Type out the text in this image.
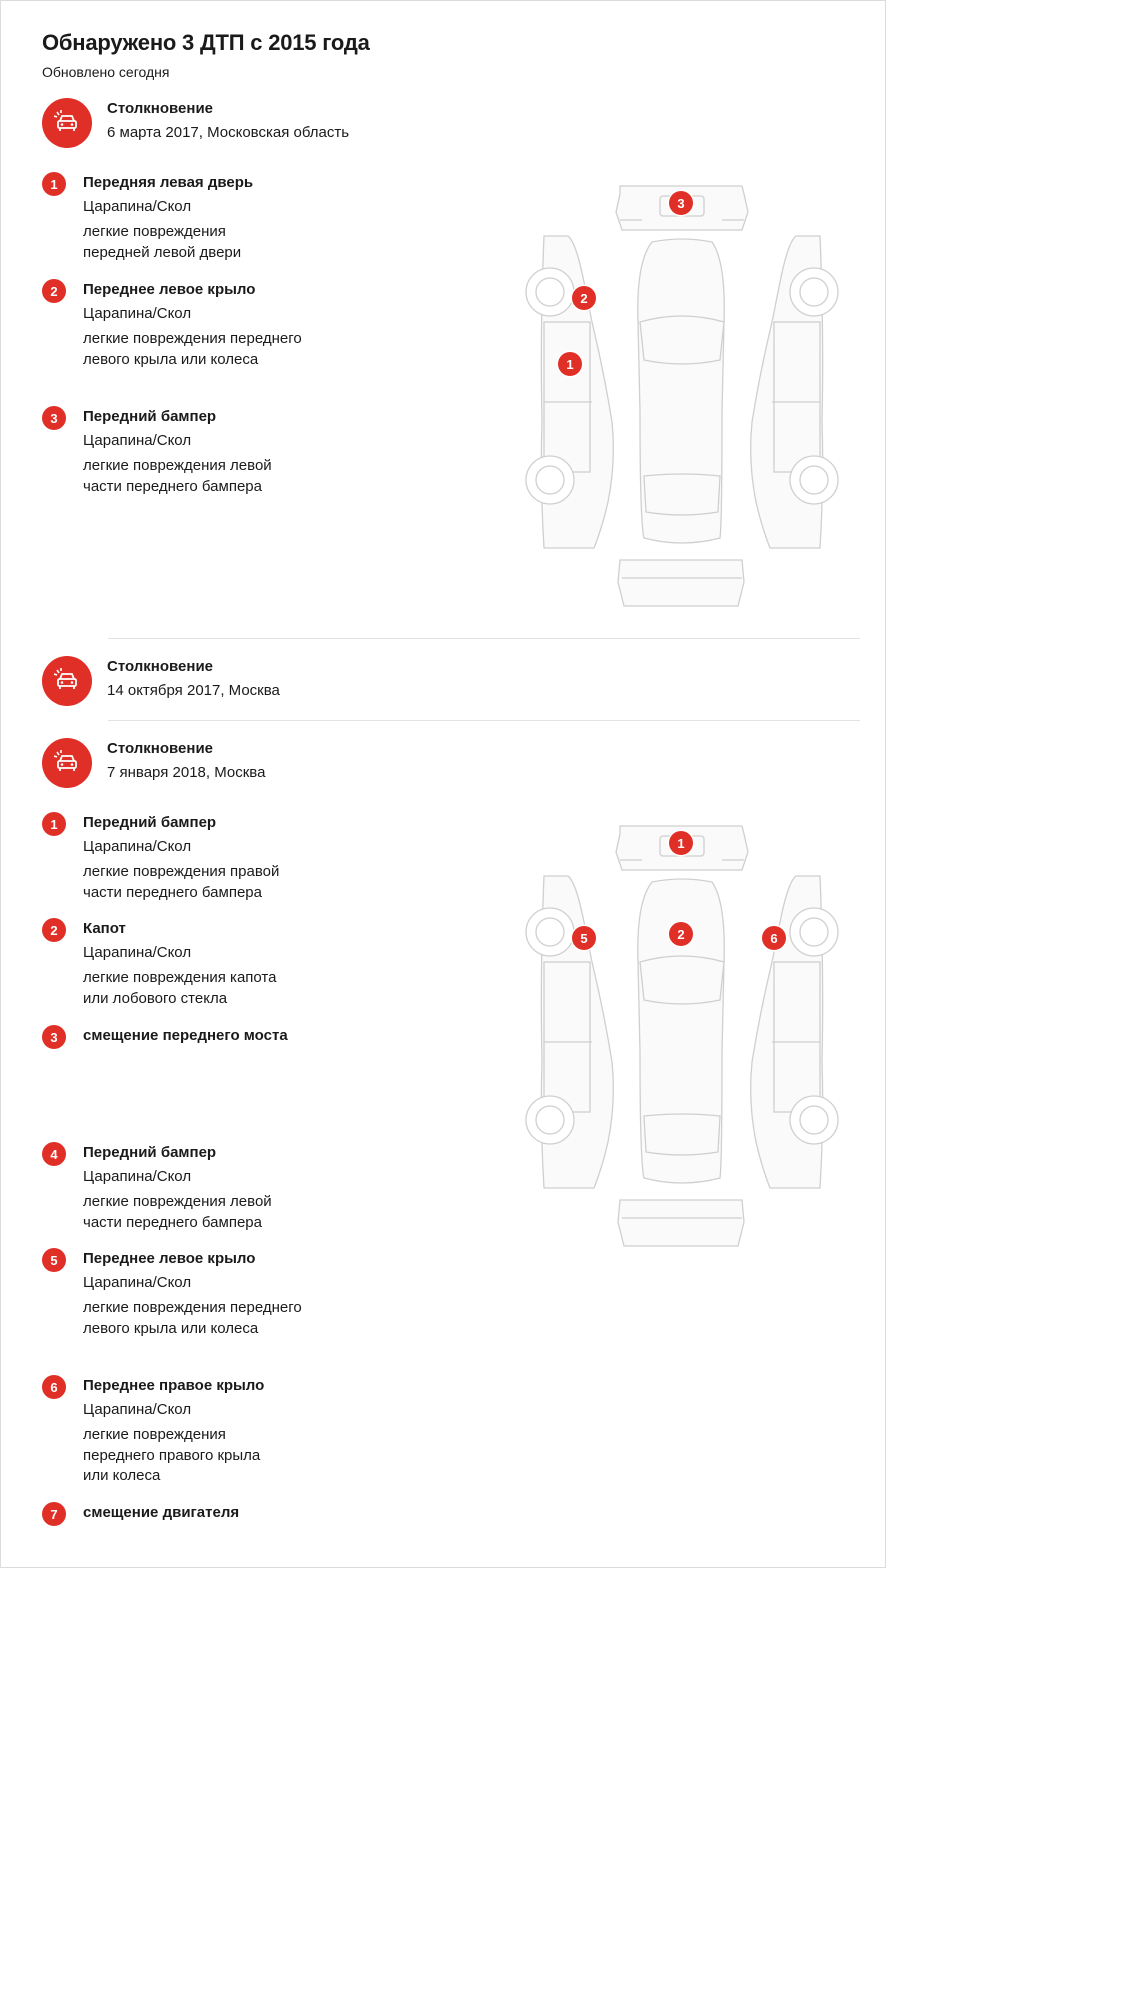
Обнаружено 3 ДТП с 2015 года
Обновлено сегодня
Столкновение
6 марта 2017, Московская область
1	Передняя левая дверь
Царапина/Скол
легкие повреждения передней левой двери
2	Переднее левое крыло
Царапина/Скол
легкие повреждения переднего левого крыла или колеса
3	Передний бампер
Царапина/Скол
легкие повреждения левой части переднего бампера
3
2
1
Столкновение
14 октября 2017, Москва
Столкновение
7 января 2018, Москва
1	Передний бампер
Царапина/Скол
легкие повреждения правой части переднего бампера
2	Капот
Царапина/Скол
легкие повреждения капота или лобового стекла
3	смещение переднего моста
4	Передний бампер
Царапина/Скол
легкие повреждения левой части переднего бампера
5	Переднее левое крыло
Царапина/Скол
легкие повреждения переднего левого крыла или колеса
6	Переднее правое крыло
Царапина/Скол
легкие повреждения переднего правого крыла или колеса
7	смещение двигателя
1
2
5	6
